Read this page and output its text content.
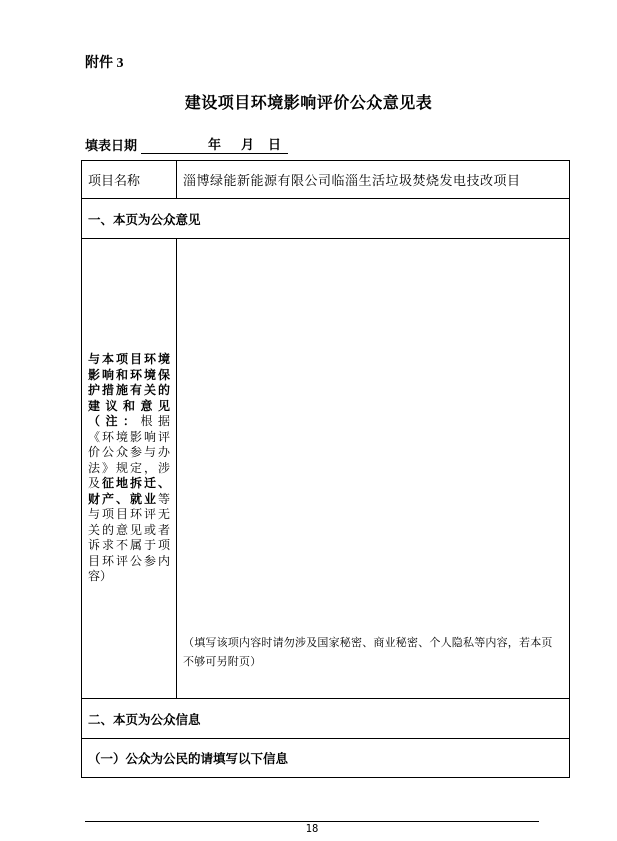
附件 3
建设项目环境影响评价公众意见表
填表日期	年 月 日
项目名称	淄博绿能新能源有限公司临淄生活垃圾焚烧发电技改项目
一、本页为公众意见	

与本项目环境影响和环境保护措施有关的建议和意见（注：根据《环境影响评价公众参与办法》规定，涉及征地拆迁、财产、就业等与项目环评无关的意见或者诉求不属于项目环评公参内容）	（填写该项内容时请勿涉及国家秘密、商业秘密、个人隐私等内容，若本页不够可另附页）

二、本页为公众信息	
（一）公众为公民的请填写以下信息	
18
